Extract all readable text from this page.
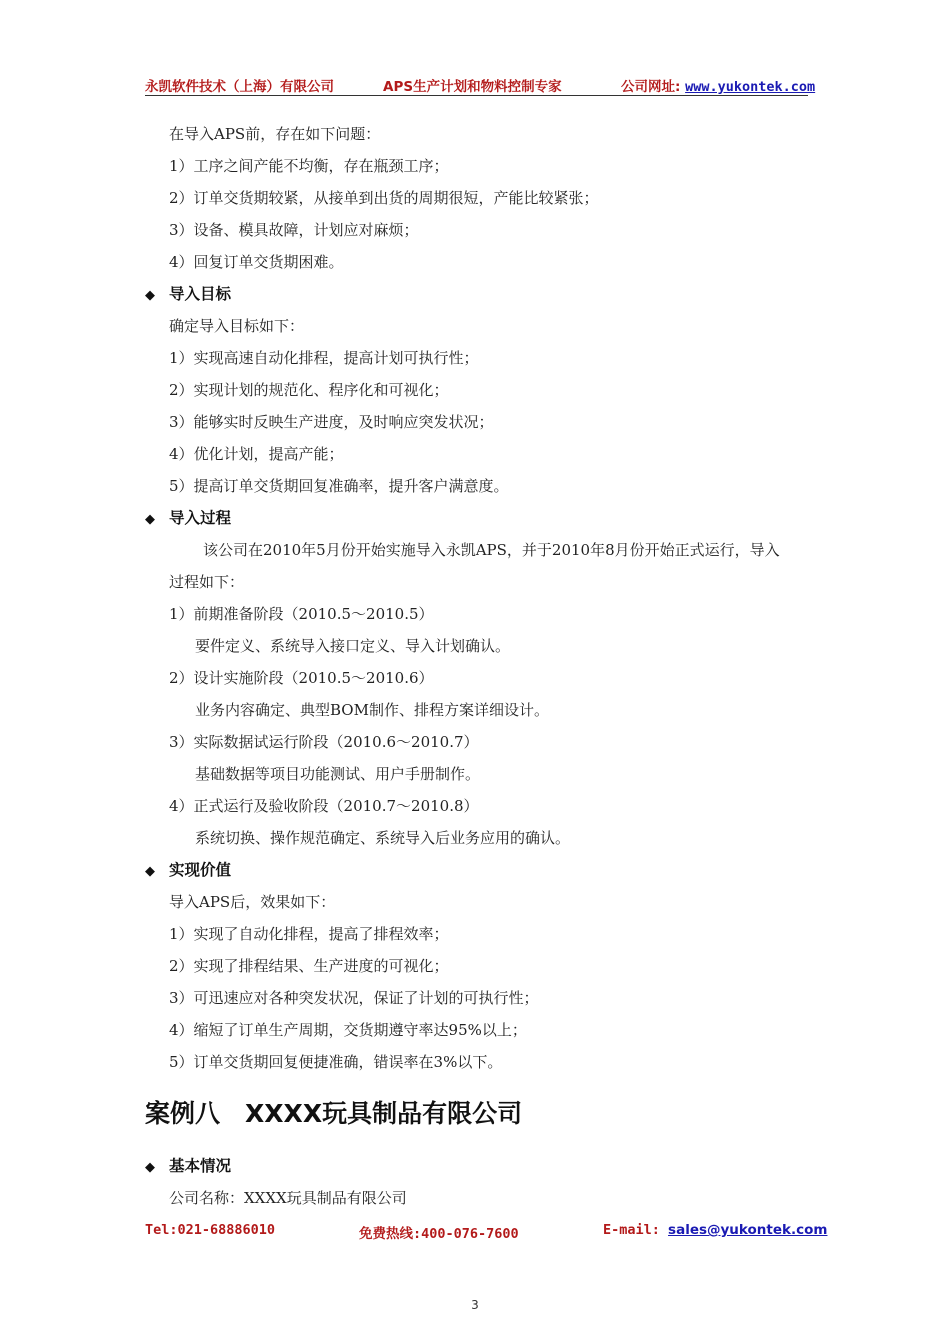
永凯软件技术（上海）有限公司	APS生产计划和物料控制专家	公司网址: www.yukontek.com
在导入APS前，存在如下问题：
1）工序之间产能不均衡，存在瓶颈工序；
2）订单交货期较紧，从接单到出货的周期很短，产能比较紧张；
3）设备、模具故障，计划应对麻烦；
4）回复订单交货期困难。
◆ 导入目标
确定导入目标如下：
1）实现高速自动化排程，提高计划可执行性；
2）实现计划的规范化、程序化和可视化；
3）能够实时反映生产进度，及时响应突发状况；
4）优化计划，提高产能；
5）提高订单交货期回复准确率，提升客户满意度。
◆ 导入过程
该公司在2010年5月份开始实施导入永凯APS，并于2010年8月份开始正式运行，导入
过程如下：
1）前期准备阶段（2010.5～2010.5）
要件定义、系统导入接口定义、导入计划确认。
2）设计实施阶段（2010.5～2010.6）
业务内容确定、典型BOM制作、排程方案详细设计。
3）实际数据试运行阶段（2010.6～2010.7）
基础数据等项目功能测试、用户手册制作。
4）正式运行及验收阶段（2010.7～2010.8）
系统切换、操作规范确定、系统导入后业务应用的确认。
◆ 实现价值
导入APS后，效果如下：
1）实现了自动化排程，提高了排程效率；
2）实现了排程结果、生产进度的可视化；
3）可迅速应对各种突发状况，保证了计划的可执行性；
4）缩短了订单生产周期，交货期遵守率达95%以上；
5）订单交货期回复便捷准确，错误率在3%以下。
案例八　XXXX玩具制品有限公司
◆ 基本情况
公司名称：XXXX玩具制品有限公司
Tel:021-68886010	免费热线:400-076-7600	E-mail: sales@yukontek.com
3
